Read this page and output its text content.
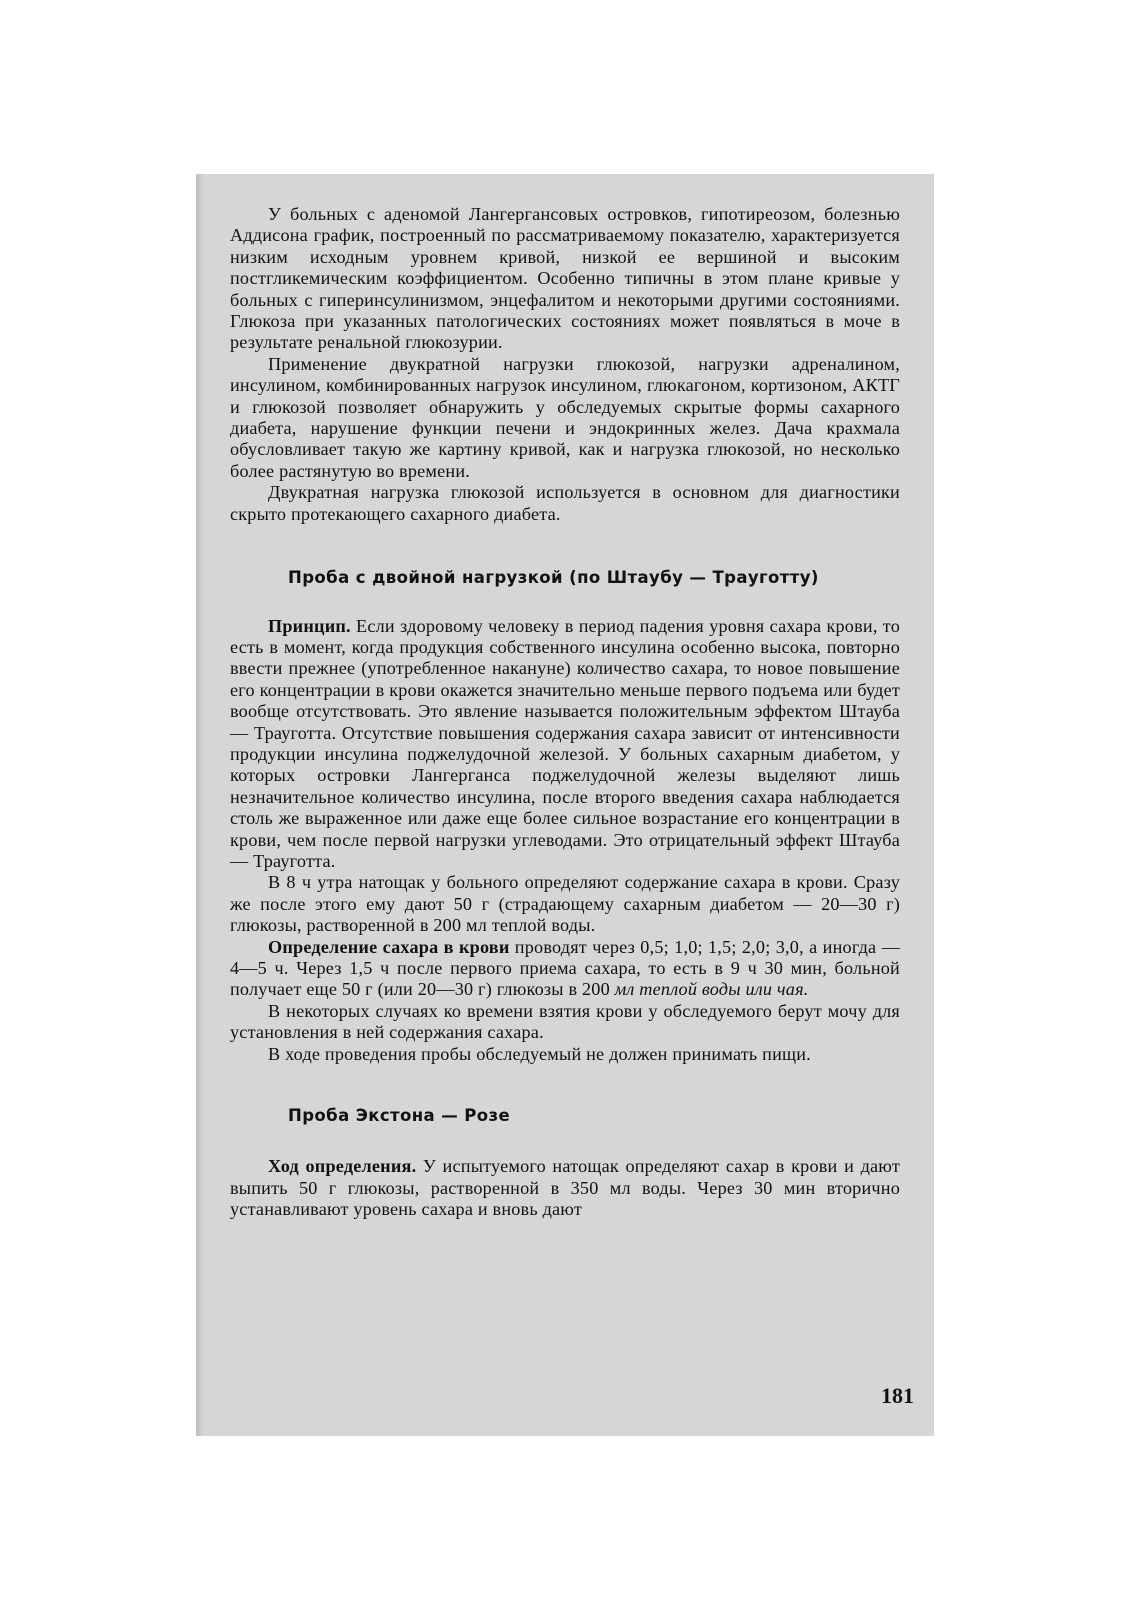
У больных с аденомой Лангергансовых островков, гипотиреозом, болезнью Аддисона график, построенный по рассматриваемому показателю, характеризуется низким исходным уровнем кривой, низкой ее вершиной и высоким постгликемическим коэффициентом. Особенно типичны в этом плане кривые у больных с гиперинсулинизмом, энцефалитом и некоторыми другими состояниями. Глюкоза при указанных патологических состояниях может появляться в моче в результате ренальной глюкозурии.

Применение двукратной нагрузки глюкозой, нагрузки адреналином, инсулином, комбинированных нагрузок инсулином, глюкагоном, кортизоном, АКТГ и глюкозой позволяет обнаружить у обследуемых скрытые формы сахарного диабета, нарушение функции печени и эндокринных желез. Дача крахмала обусловливает такую же картину кривой, как и нагрузка глюкозой, но несколько более растянутую во времени.

Двукратная нагрузка глюкозой используется в основном для диагностики скрыто протекающего сахарного диабета.

Проба с двойной нагрузкой (по Штаубу — Трауготту)

Принцип. Если здоровому человеку в период падения уровня сахара крови, то есть в момент, когда продукция собственного инсулина особенно высока, повторно ввести прежнее (употребленное накануне) количество сахара, то новое повышение его концентрации в крови окажется значительно меньше первого подъема или будет вообще отсутствовать. Это явление называется положительным эффектом Штауба — Трауготта. Отсутствие повышения содержания сахара зависит от интенсивности продукции инсулина поджелудочной железой. У больных сахарным диабетом, у которых островки Лангерганса поджелудочной железы выделяют лишь незначительное количество инсулина, после второго введения сахара наблюдается столь же выраженное или даже еще более сильное возрастание его концентрации в крови, чем после первой нагрузки углеводами. Это отрицательный эффект Штауба — Трауготта.

В 8 ч утра натощак у больного определяют содержание сахара в крови. Сразу же после этого ему дают 50 г (страдающему сахарным диабетом — 20—30 г) глюкозы, растворенной в 200 мл теплой воды.

Определение сахара в крови проводят через 0,5; 1,0; 1,5; 2,0; 3,0, а иногда — 4—5 ч. Через 1,5 ч после первого приема сахара, то есть в 9 ч 30 мин, больной получает еще 50 г (или 20—30 г) глюкозы в 200 мл теплой воды или чая.

В некоторых случаях ко времени взятия крови у обследуемого берут мочу для установления в ней содержания сахара.

В ходе проведения пробы обследуемый не должен принимать пищи.

Проба Экстона — Розе

Ход определения. У испытуемого натощак определяют сахар в крови и дают выпить 50 г глюкозы, растворенной в 350 мл воды. Через 30 мин вторично устанавливают уровень сахара и вновь дают

181
